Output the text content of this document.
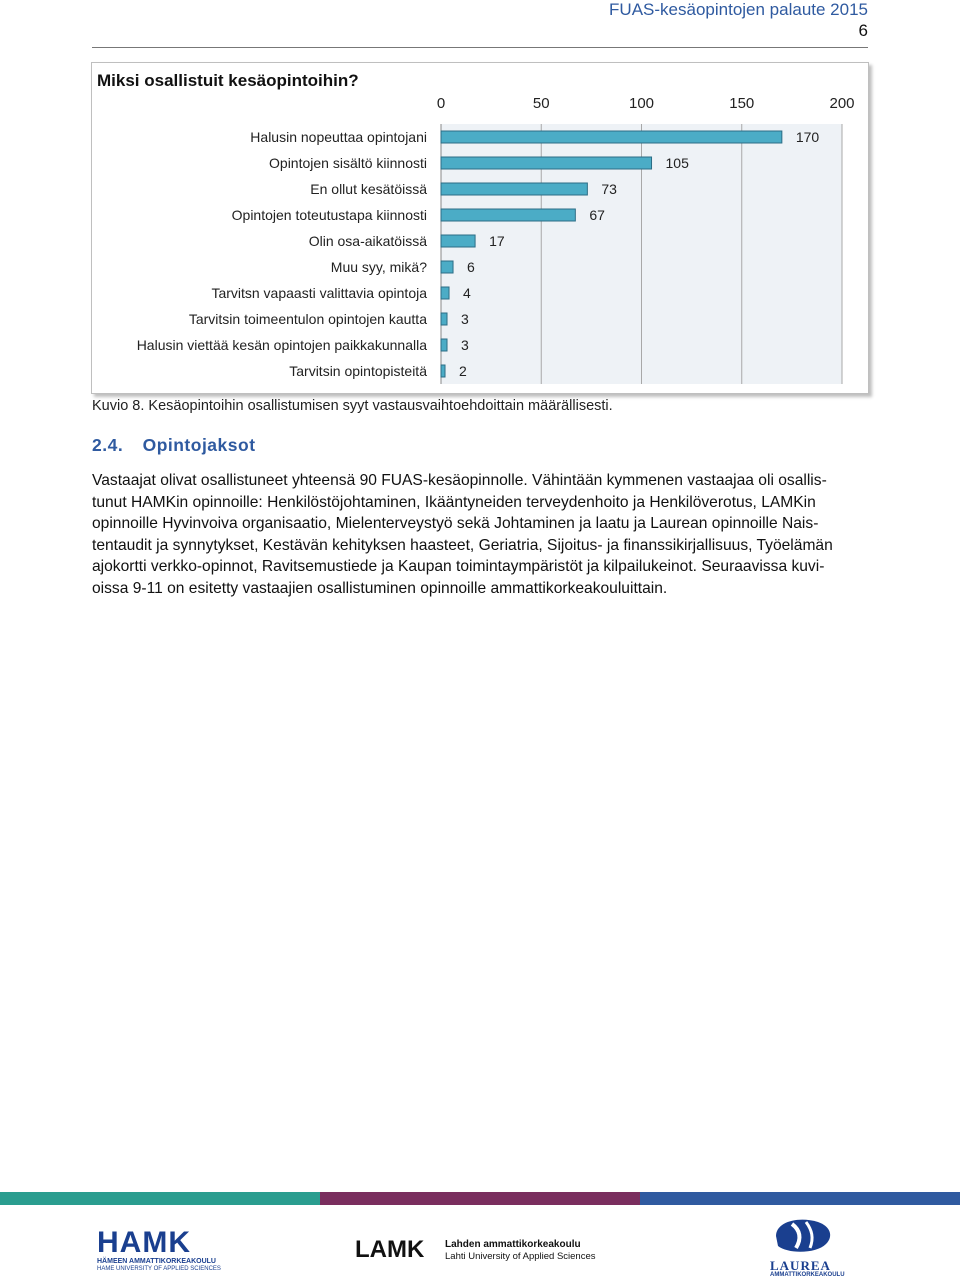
FUAS-kesäopintojen palaute 2015
6
Miksi osallistuit kesäopintoihin?
0	50	100	150	200
Halusin nopeuttaa opintojani	170
Opintojen sisältö kiinnosti	105
En ollut kesätöissä	73
Opintojen toteutustapa kiinnosti	67
Olin osa-aikatöissä	17
Muu syy, mikä?	6
Tarvitsn vapaasti valittavia opintoja	4
Tarvitsin toimeentulon opintojen kautta 3
Halusin viettää kesän opintojen paikkakunnalla 3
Tarvitsin opintopisteitä 2
Kuvio 8. Kesäopintoihin osallistumisen syyt vastausvaihtoehdoittain määrällisesti.
2.4. Opintojaksot
Vastaajat olivat osallistuneet yhteensä 90 FUAS-kesäopinnolle. Vähintään kymmenen vastaajaa oli osallis-
tunut HAMKin opinnoille: Henkilöstöjohtaminen, Ikääntyneiden terveydenhoito ja Henkilöverotus, LAMKin
opinnoille Hyvinvoiva organisaatio, Mielenterveystyö sekä Johtaminen ja laatu ja Laurean opinnoille Nais-
tentaudit ja synnytykset, Kestävän kehityksen haasteet, Geriatria, Sijoitus- ja finanssikirjallisuus, Työelämän
ajokortti verkko-opinnot, Ravitsemustiede ja Kaupan toimintaympäristöt ja kilpailukeinot. Seuraavissa kuvi-
oissa 9-11 on esitetty vastaajien osallistuminen opinnoille ammattikorkeakouluittain.
HAMK
HÄMEEN AMMATTIKORKEAKOULU
HAME UNIVERSITY OF APPLIED SCIENCES
LAMK Lahden ammattikorkeakoulu
Lahti University of Applied Sciences
LAUREA
AMMATTIKORKEAKOULU
